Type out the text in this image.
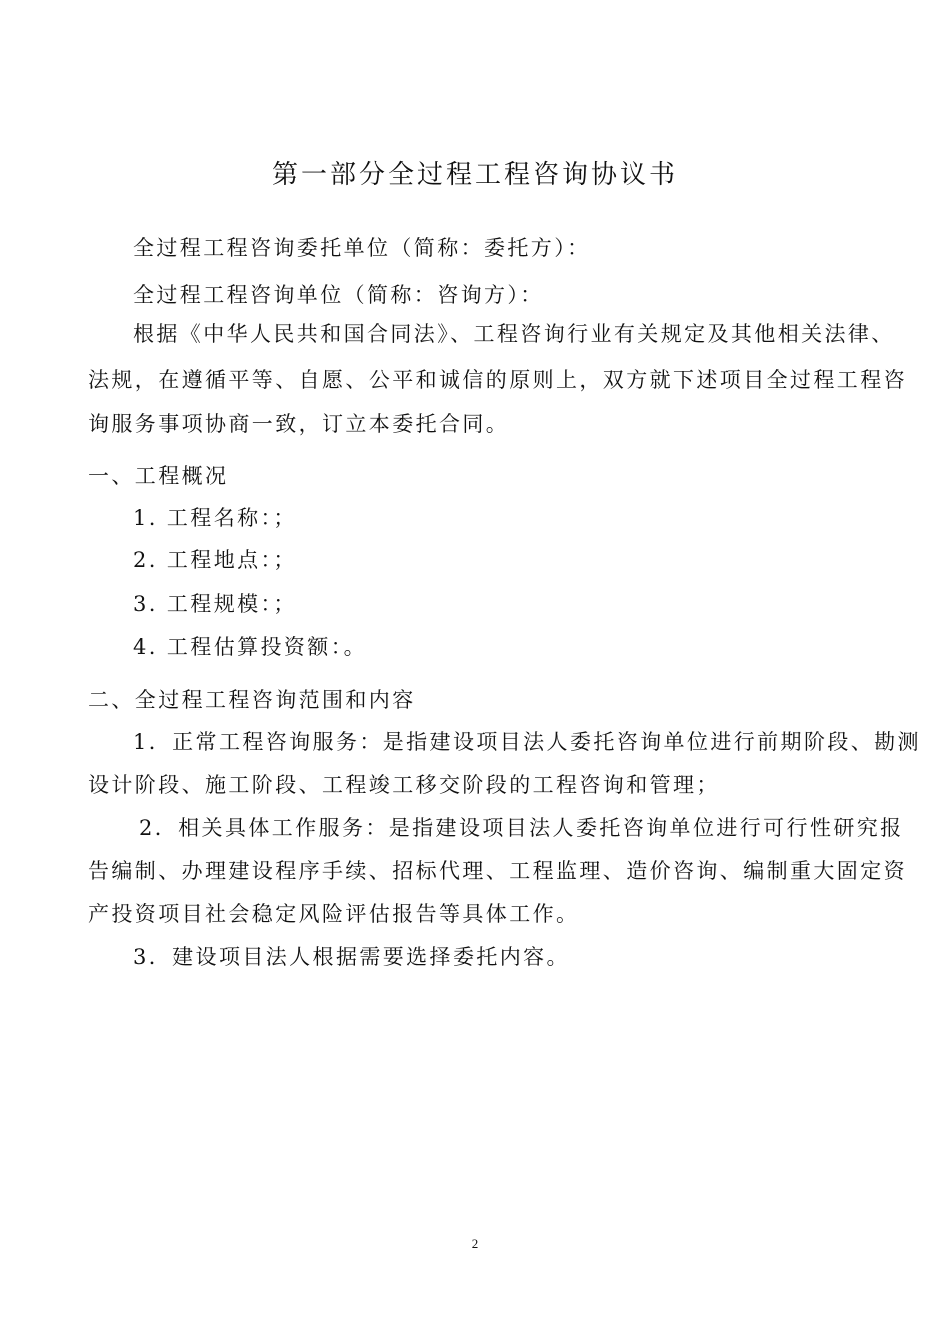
第一部分全过程工程咨询协议书
全过程工程咨询委托单位（简称：委托方）：
全过程工程咨询单位（简称：咨询方）：
根据《中华人民共和国合同法》、工程咨询行业有关规定及其他相关法律、
法规，在遵循平等、自愿、公平和诚信的原则上，双方就下述项目全过程工程咨
询服务事项协商一致，订立本委托合同。
一、工程概况
1. 工程名称：；
2. 工程地点：；
3. 工程规模：；
4. 工程估算投资额：。
二、全过程工程咨询范围和内容
1．正常工程咨询服务：是指建设项目法人委托咨询单位进行前期阶段、勘测
设计阶段、施工阶段、工程竣工移交阶段的工程咨询和管理；
2．相关具体工作服务：是指建设项目法人委托咨询单位进行可行性研究报
告编制、办理建设程序手续、招标代理、工程监理、造价咨询、编制重大固定资
产投资项目社会稳定风险评估报告等具体工作。
3．建设项目法人根据需要选择委托内容。
2
